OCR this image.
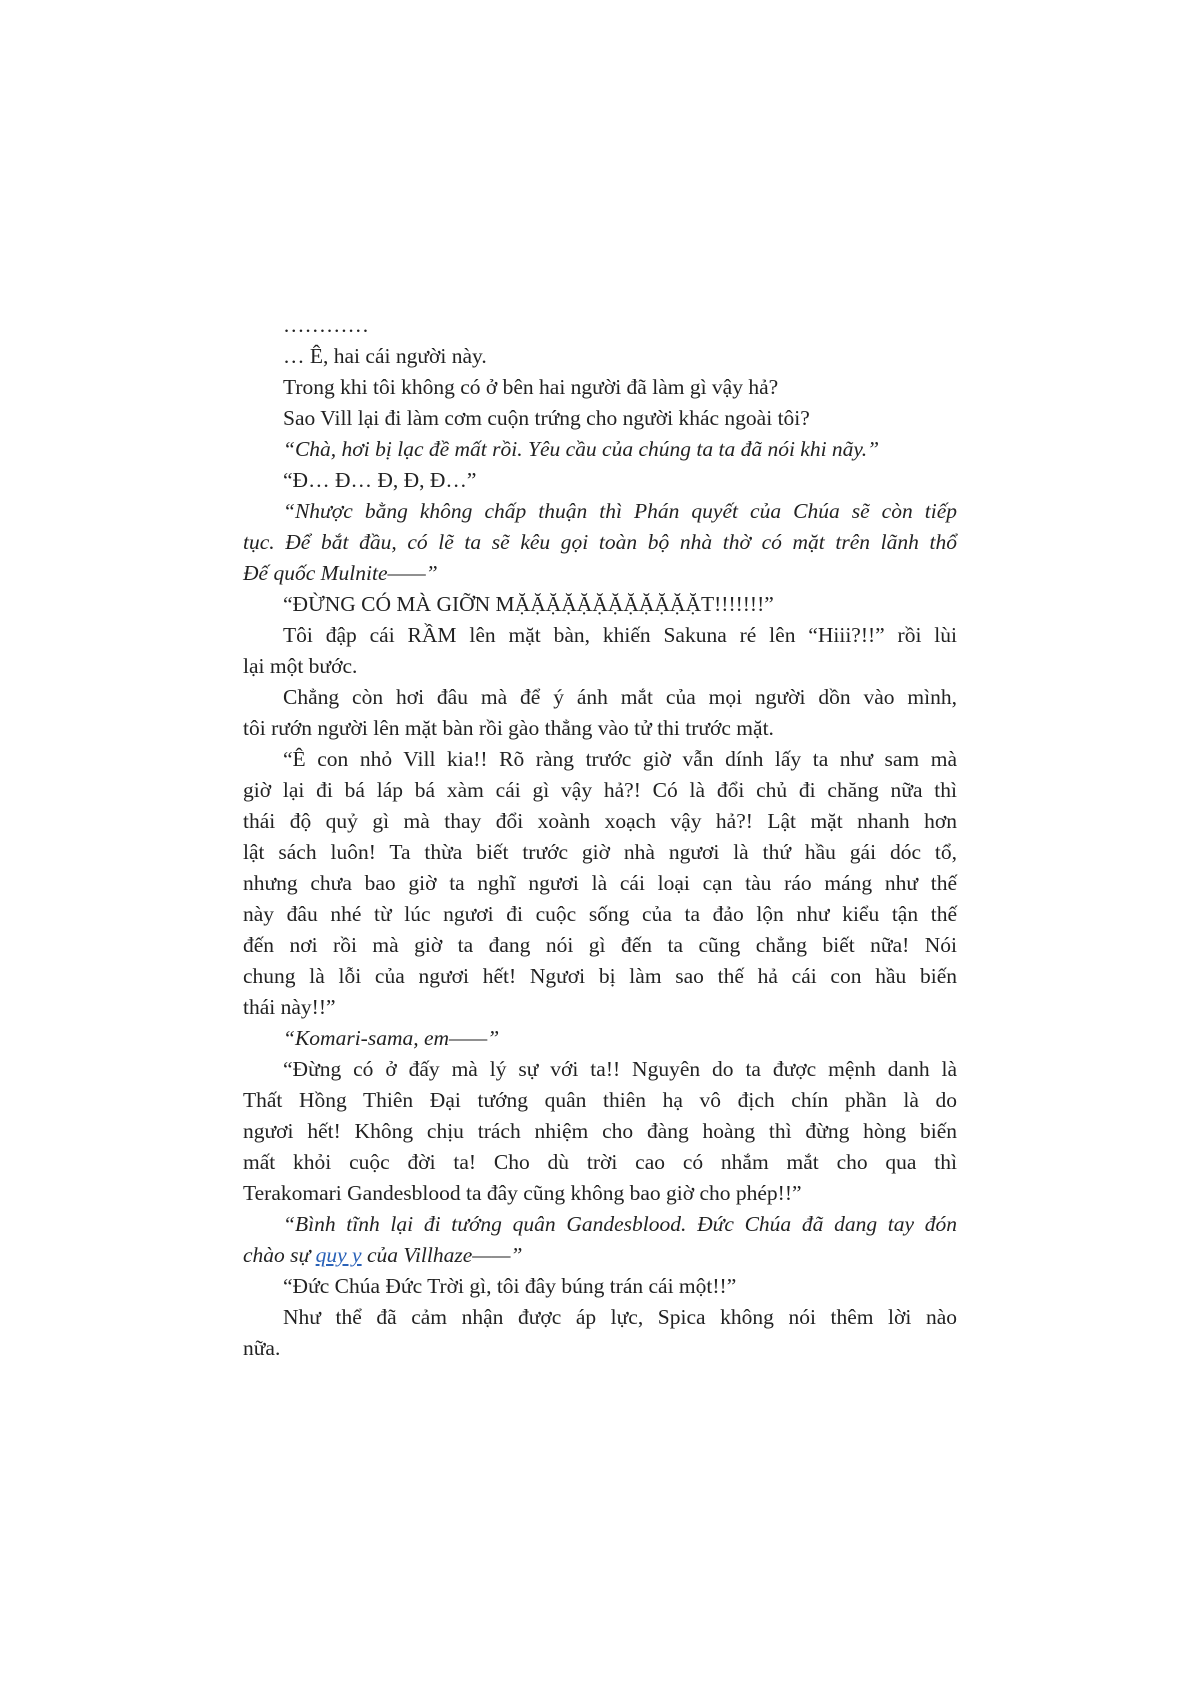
…………
… Ê, hai cái người này.
Trong khi tôi không có ở bên hai người đã làm gì vậy hả?
Sao Vill lại đi làm cơm cuộn trứng cho người khác ngoài tôi?
“Chà, hơi bị lạc đề mất rồi. Yêu cầu của chúng ta ta đã nói khi nãy.”
“Đ… Đ… Đ, Đ, Đ…”
“Nhược bằng không chấp thuận thì Phán quyết của Chúa sẽ còn tiếp
tục. Để bắt đầu, có lẽ ta sẽ kêu gọi toàn bộ nhà thờ có mặt trên lãnh thổ
Đế quốc Mulnite——”
“ĐỪNG CÓ MÀ GIỠN MẶẶẶẶẶẶẶẶẶẶẶẶT!!!!!!!”
Tôi đập cái RẦM lên mặt bàn, khiến Sakuna ré lên “Hiii?!!” rồi lùi
lại một bước.
Chẳng còn hơi đâu mà để ý ánh mắt của mọi người dồn vào mình,
tôi rướn người lên mặt bàn rồi gào thẳng vào tử thi trước mặt.
“Ê con nhỏ Vill kia!! Rõ ràng trước giờ vẫn dính lấy ta như sam mà
giờ lại đi bá láp bá xàm cái gì vậy hả?! Có là đổi chủ đi chăng nữa thì
thái độ quỷ gì mà thay đổi xoành xoạch vậy hả?! Lật mặt nhanh hơn
lật sách luôn! Ta thừa biết trước giờ nhà ngươi là thứ hầu gái dóc tổ,
nhưng chưa bao giờ ta nghĩ ngươi là cái loại cạn tàu ráo máng như thế
này đâu nhé từ lúc ngươi đi cuộc sống của ta đảo lộn như kiểu tận thế
đến nơi rồi mà giờ ta đang nói gì đến ta cũng chẳng biết nữa! Nói
chung là lỗi của ngươi hết! Ngươi bị làm sao thế hả cái con hầu biến
thái này!!”
“Komari-sama, em——”
“Đừng có ở đấy mà lý sự với ta!! Nguyên do ta được mệnh danh là
Thất Hồng Thiên Đại tướng quân thiên hạ vô địch chín phần là do
ngươi hết! Không chịu trách nhiệm cho đàng hoàng thì đừng hòng biến
mất khỏi cuộc đời ta! Cho dù trời cao có nhắm mắt cho qua thì
Terakomari Gandesblood ta đây cũng không bao giờ cho phép!!”
“Bình tĩnh lại đi tướng quân Gandesblood. Đức Chúa đã dang tay đón
chào sự quy y của Villhaze——”
“Đức Chúa Đức Trời gì, tôi đây búng trán cái một!!”
Như thể đã cảm nhận được áp lực, Spica không nói thêm lời nào
nữa.
